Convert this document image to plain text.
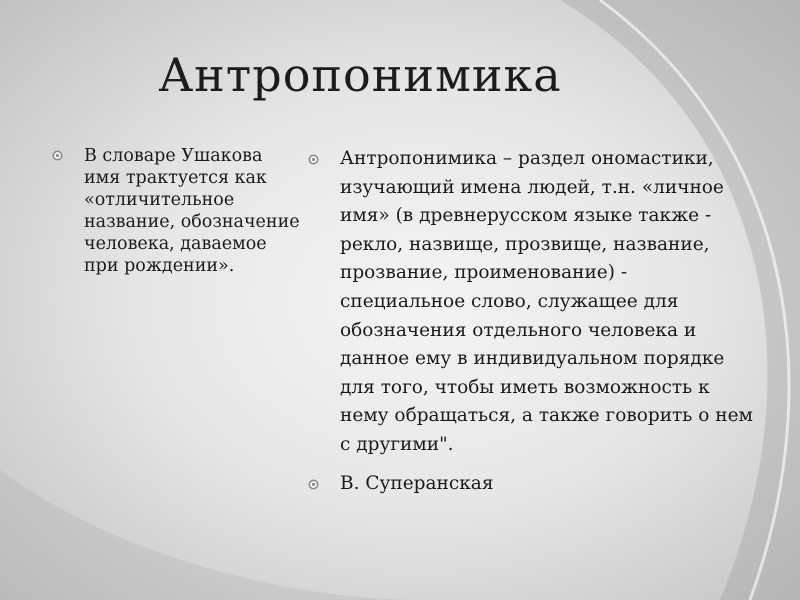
Антропонимика
В словаре Ушакова имя трактуется как «отличительное название, обозначение человека, даваемое при рождении».
Антропонимика – раздел ономастики, изучающий имена людей, т.н. «личное имя» (в древнерусском языке также - рекло, назвище, прозвище, название, прозвание, проименование) - специальное слово, служащее для обозначения отдельного человека и данное ему в индивидуальном порядке для того, чтобы иметь возможность к нему обращаться, а также говорить о нем с другими".
В. Суперанская
